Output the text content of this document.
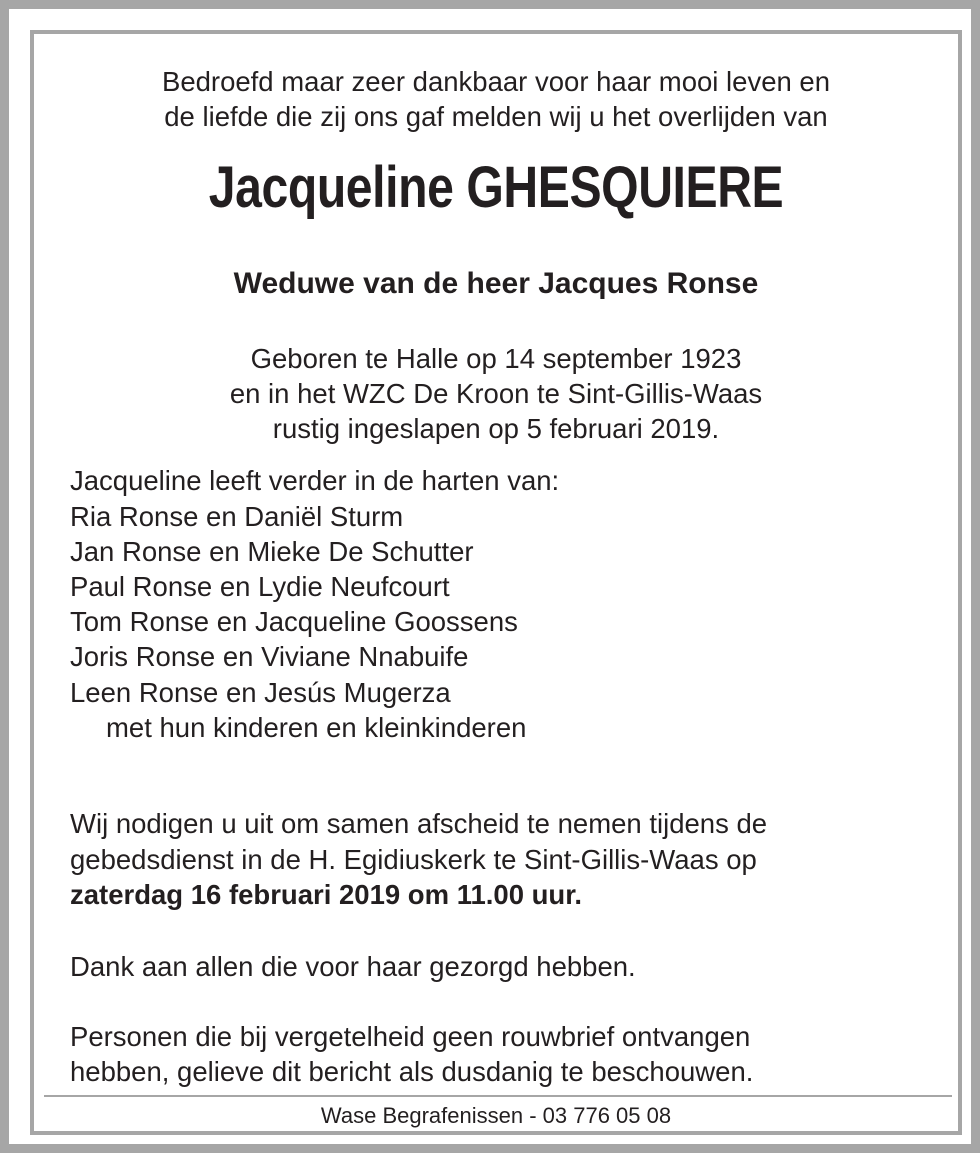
Bedroefd maar zeer dankbaar voor haar mooi leven en
de liefde die zij ons gaf melden wij u het overlijden van
Jacqueline GHESQUIERE
Weduwe van de heer Jacques Ronse
Geboren te Halle op 14 september 1923
en in het WZC De Kroon te Sint-Gillis-Waas
rustig ingeslapen op 5 februari 2019.
Jacqueline leeft verder in de harten van:
Ria Ronse en Daniël Sturm
Jan Ronse en Mieke De Schutter
Paul Ronse en Lydie Neufcourt
Tom Ronse en Jacqueline Goossens
Joris Ronse en Viviane Nnabuife
Leen Ronse en Jesús Mugerza
met hun kinderen en kleinkinderen
Wij nodigen u uit om samen afscheid te nemen tijdens de
gebedsdienst in de H. Egidiuskerk te Sint-Gillis-Waas op
zaterdag 16 februari 2019 om 11.00 uur.
Dank aan allen die voor haar gezorgd hebben.
Personen die bij vergetelheid geen rouwbrief ontvangen
hebben, gelieve dit bericht als dusdanig te beschouwen.
Wase Begrafenissen - 03 776 05 08
